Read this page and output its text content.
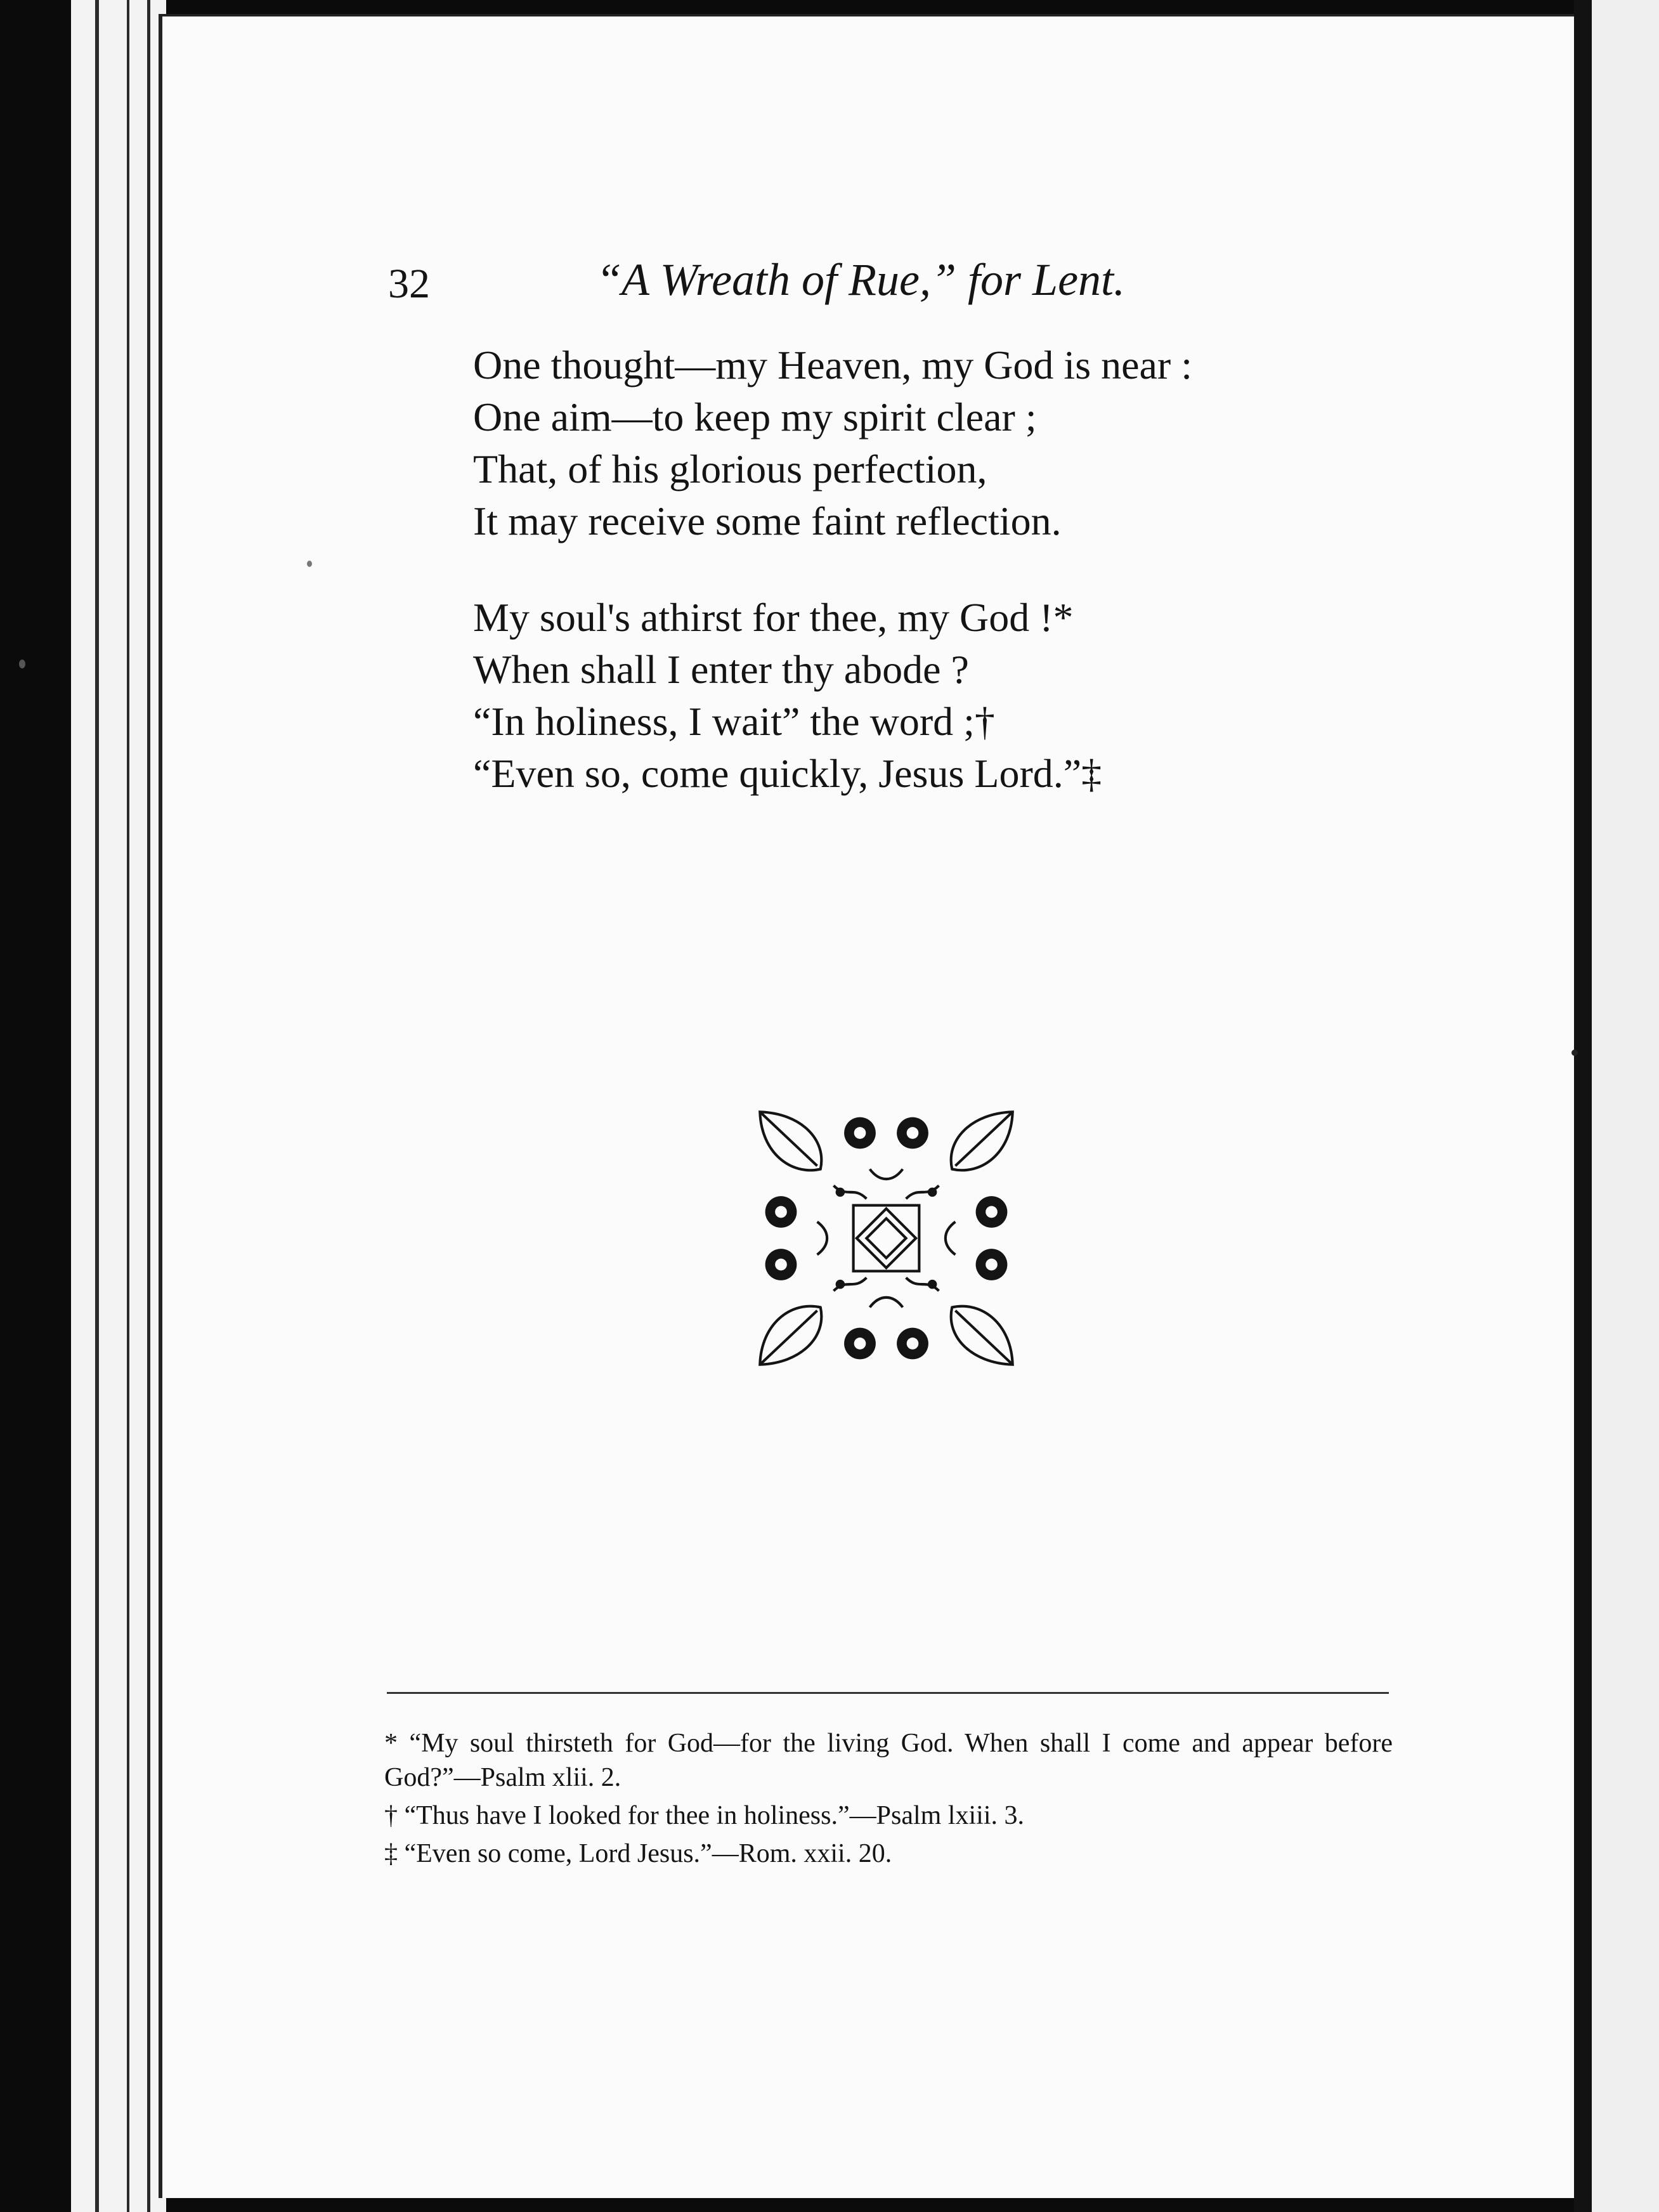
32	“A Wreath of Rue,” for Lent.
One thought—my Heaven, my God is near :
One aim—to keep my spirit clear ;
That, of his glorious perfection,
It may receive some faint reflection.
My soul's athirst for thee, my God !*
When shall I enter thy abode ?
“In holiness, I wait” the word ;†
“Even so, come quickly, Jesus Lord.”‡

* “My soul thirsteth for God—for the living God. When shall I come and appear before God?”—Psalm xlii. 2.

† “Thus have I looked for thee in holiness.”—Psalm lxiii. 3.

‡ “Even so come, Lord Jesus.”—Rom. xxii. 20.
